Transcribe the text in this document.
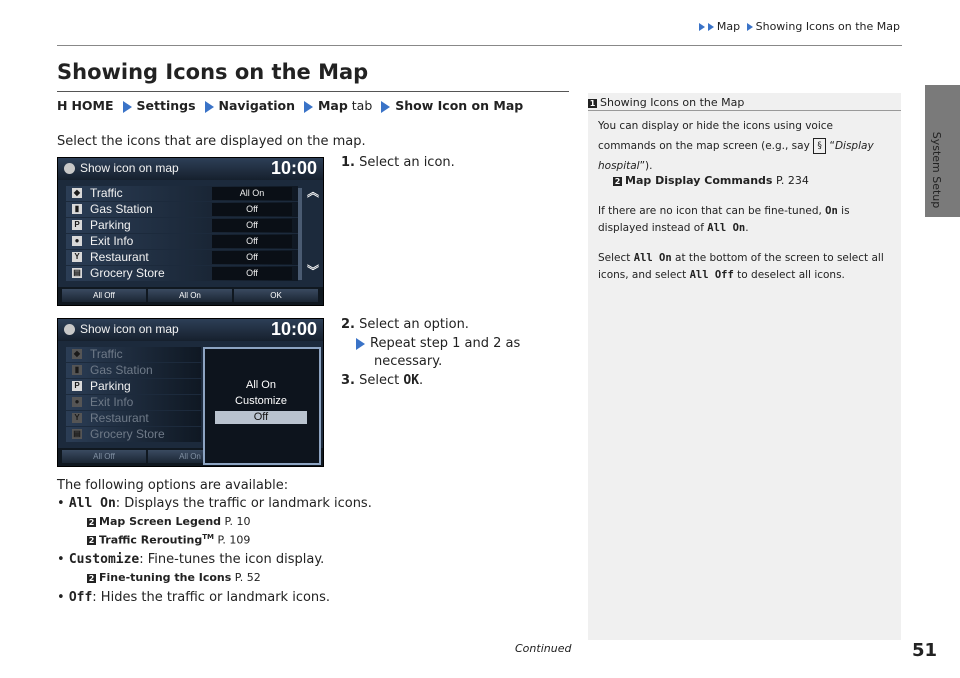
Map Showing Icons on the Map
System Setup
Showing Icons on the Map
H HOME Settings Navigation Map tab Show Icon on Map
Select the icons that are displayed on the map.
1. Select an icon.
2. Select an option.
Repeat step 1 and 2 as
necessary.
3. Select OK.
Show icon on map	10:00
◆ Traffic	All On
▮ Gas Station	Off
P Parking	Off
● Exit Info	Off
Y Restaurant	Off
▤ Grocery Store	Off
︽
︾
All Off	All On	OK
Show icon on map	10:00
◆ Traffic
▮ Gas Station
P Parking
● Exit Info
Y Restaurant
▤ Grocery Store
All Off	All On
All On
Customize
Off
The following options are available:
• All On: Displays the traffic or landmark icons.
2 Map Screen Legend P. 10
2 Traffic Rerouting™ P. 109
• Customize: Fine-tunes the icon display.
2 Fine-tuning the Icons P. 52
• Off: Hides the traffic or landmark icons.
1 Showing Icons on the Map
You can display or hide the icons using voice
commands on the map screen (e.g., say § “Display
hospital”).
2 Map Display Commands P. 234
If there are no icon that can be fine-tuned, On is
displayed instead of All On.
Select All On at the bottom of the screen to select all
icons, and select All Off to deselect all icons.
Continued	51
